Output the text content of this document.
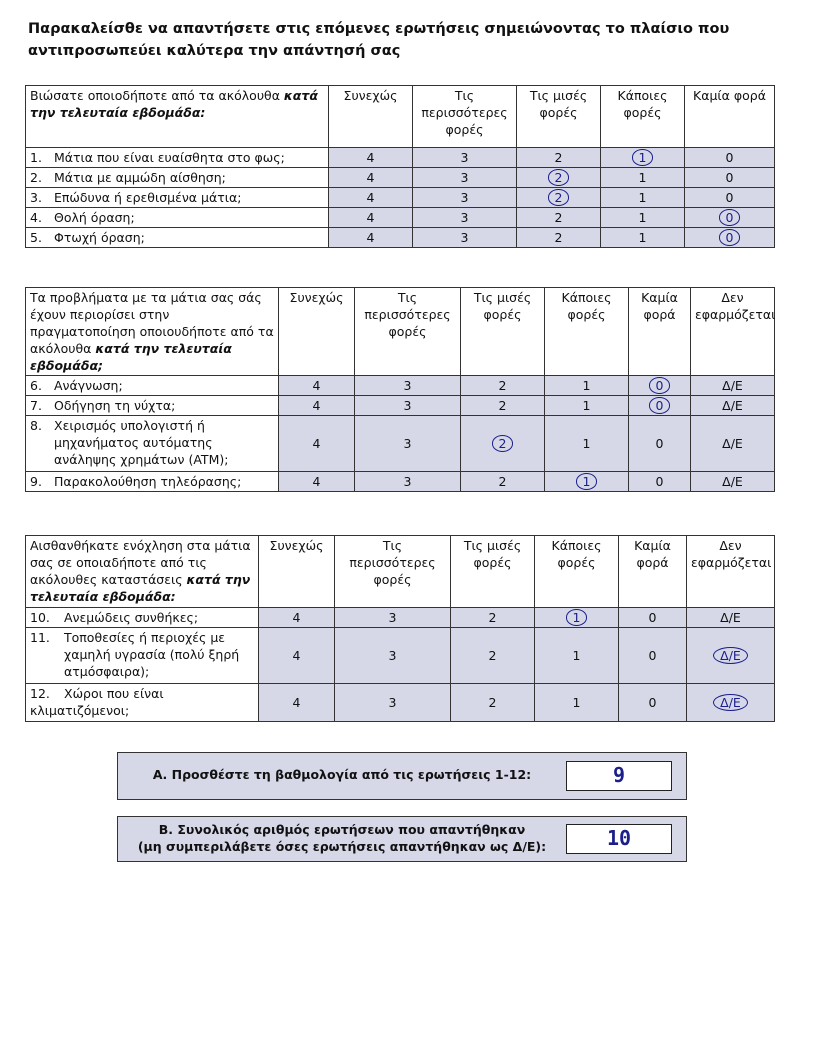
Παρακαλείσθε να απαντήσετε στις επόμενες ερωτήσεις σημειώνοντας το πλαίσιο που αντιπροσωπεύει καλύτερα την απάντησή σας
Βιώσατε οποιοδήποτε από τα ακόλουθα κατά την τελευταία εβδομάδα:	Συνεχώς	Τις περισσότερες φορές	Τις μισές φορές	Κάποιες φορές	Καμία φορά
1. Μάτια που είναι ευαίσθητα στο φως;	4	3	2	1	0
2. Μάτια με αμμώδη αίσθηση;	4	3	2	1	0
3. Επώδυνα ή ερεθισμένα μάτια;	4	3	2	1	0
4. Θολή όραση;	4	3	2	1	0
5. Φτωχή όραση;	4	3	2	1	0
Τα προβλήματα με τα μάτια σας σάς έχουν περιορίσει στην πραγματοποίηση οποιουδήποτε από τα ακόλουθα κατά την τελευταία εβδομάδα;	Συνεχώς	Τις περισσότερες φορές	Τις μισές φορές	Κάποιες φορές	Καμία φορά	Δεν εφαρμόζεται
6. Ανάγνωση;	4	3	2	1	0	Δ/Ε
7. Οδήγηση τη νύχτα;	4	3	2	1	0	Δ/Ε

8. Χειρισμός υπολογιστή ή μηχανήματος αυτόματης ανάληψης χρημάτων (ATM);	4	3	2	1	0	Δ/Ε
9. Παρακολούθηση τηλεόρασης;	4	3	2	1	0	Δ/Ε
Αισθανθήκατε ενόχληση στα μάτια σας σε οποιαδήποτε από τις ακόλουθες καταστάσεις κατά την τελευταία εβδομάδα:	Συνεχώς	Τις περισσότερες φορές	Τις μισές φορές	Κάποιες φορές	Καμία φορά	Δεν εφαρμόζεται
10. Ανεμώδεις συνθήκες;	4	3	2	1	0	Δ/Ε

11. Τοποθεσίες ή περιοχές με χαμηλή υγρασία (πολύ ξηρή ατμόσφαιρα);	4	3	2	1	0	Δ/Ε
12. Χώροι που είναι κλιματιζόμενοι;	4	3	2	1	0	Δ/Ε
Α. Προσθέστε τη βαθμολογία από τις ερωτήσεις 1-12:	9
Β. Συνολικός αριθμός ερωτήσεων που απαντήθηκαν
(μη συμπεριλάβετε όσες ερωτήσεις απαντήθηκαν ως Δ/Ε):	10
